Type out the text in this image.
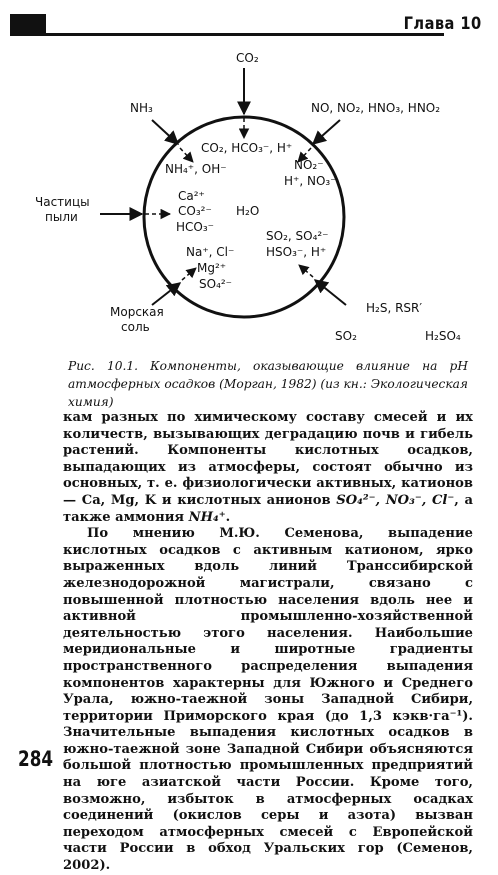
Глава 10
CO₂
NH₃	NO, NO₂, HNO₃, HNO₂
Частицы
пыли
Морская
соль
H₂S, RSR′
SO₂	H₂SO₄
CO₂, HCO₃⁻, H⁺
NH₄⁺, OH⁻	NO₂⁻
H⁺, NO₃⁻
Ca²⁺
CO₃²⁻
HCO₃⁻
H₂O
SO₂, SO₄²⁻
HSO₃⁻, H⁺
Na⁺, Cl⁻
Mg²⁺
SO₄²⁻
Рис. 10.1. Компоненты, оказывающие влияние на pH атмосферных осадков (Морган, 1982) (из кн.: Экологическая химия)

кам разных по химическому составу смесей и их количеств, вызывающих деградацию почв и гибель растений. Компоненты кислотных осадков, выпадающих из атмосферы, состоят обычно из основных, т. е. физиологически активных, катионов — Ca, Mg, K и кислотных анионов SO₄²⁻, NO₃⁻, Cl⁻, а также аммония NH₄⁺.

По мнению М.Ю. Семенова, выпадение кислотных осадков с активным катионом, ярко выраженных вдоль линий Транссибирской железнодорожной магистрали, связано с повышенной плотностью населения вдоль нее и активной промышленно-хозяйственной деятельностью этого населения. Наибольшие меридиональные и широтные градиенты пространственного распределения выпадения компонентов характерны для Южного и Среднего Урала, южно-таежной зоны Западной Сибири, территории Приморского края (до 1,3 кэкв·га⁻¹). Значительные выпадения кислотных осадков в южно-таежной зоне Западной Сибири объясняются большой плотностью промышленных предприятий на юге азиатской части России. Кроме того, возможно, избыток в атмосферных осадках соединений (окислов серы и азота) вызван переходом атмосферных смесей с Европейской части России в обход Уральских гор (Семенов, 2002).

284
